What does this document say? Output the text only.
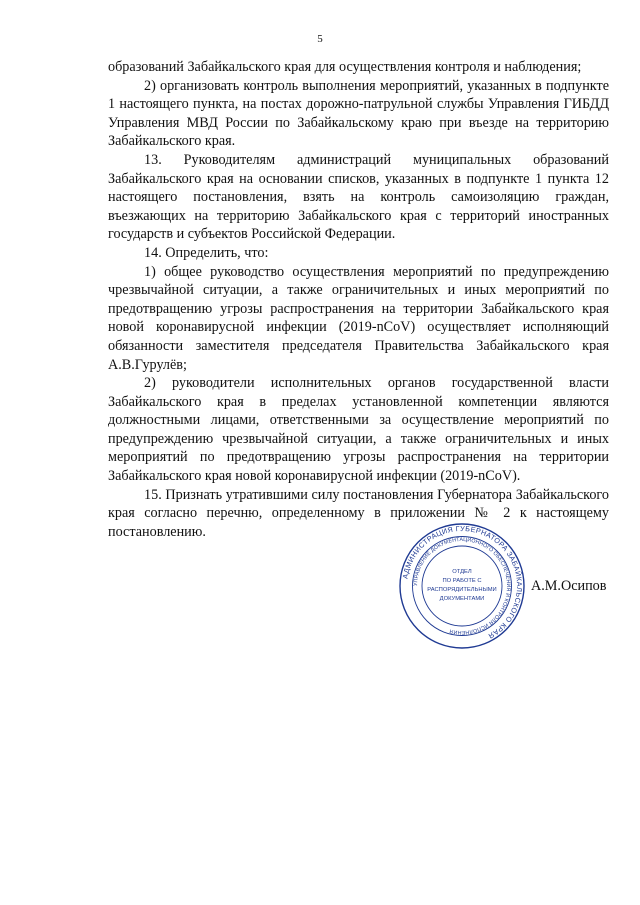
5

образований Забайкальского края для осуществления контроля и наблюдения;

2) организовать контроль выполнения мероприятий, указанных в подпункте 1 настоящего пункта, на постах дорожно-патрульной службы Управления ГИБДД Управления МВД России по Забайкальскому краю при въезде на территорию Забайкальского края.

13. Руководителям администраций муниципальных образований Забайкальского края на основании списков, указанных в подпункте 1 пункта 12 настоящего постановления, взять на контроль самоизоляцию граждан, въезжающих на территорию Забайкальского края с территорий иностранных государств и субъектов Российской Федерации.

14. Определить, что:

1) общее руководство осуществления мероприятий по предупреждению чрезвычайной ситуации, а также ограничительных и иных мероприятий по предотвращению угрозы распространения на территории Забайкальского края новой коронавирусной инфекции (2019-nCoV) осуществляет исполняющий обязанности заместителя председателя Правительства Забайкальского края А.В.Гурулёв;

2) руководители исполнительных органов государственной власти Забайкальского края в пределах установленной компетенции являются должностными лицами, ответственными за осуществление мероприятий по предупреждению чрезвычайной ситуации, а также ограничительных и иных мероприятий по предотвращению угрозы распространения на территории Забайкальского края новой коронавирусной инфекции (2019-nCoV).

15. Признать утратившими силу постановления Губернатора Забайкальского края согласно перечню, определенному в приложении № 2 к настоящему постановлению.

АДМИНИСТРАЦИЯ ГУБЕРНАТОРА ЗАБАЙКАЛЬСКОГО КРАЯ
УПРАВЛЕНИЕ ДОКУМЕНТАЦИОННОГО ОБЕСПЕЧЕНИЯ И КОНТРОЛЯ ИСПОЛНЕНИЯ
ОТДЕЛ
ПО РАБОТЕ С
РАСПОРЯДИТЕЛЬНЫМИ
ДОКУМЕНТАМИ
А.М.Осипов
